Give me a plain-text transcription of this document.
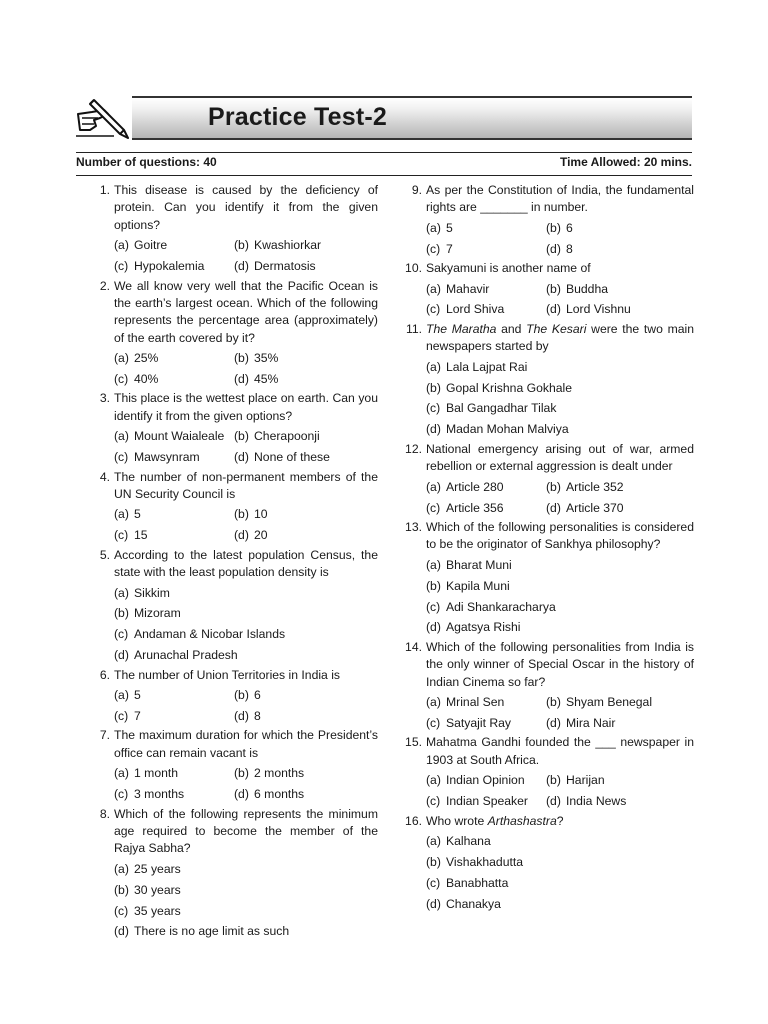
Practice Test-2
Number of questions: 40	Time Allowed: 20 mins.
1. This disease is caused by the deficiency of protein. Can you identify it from the given options?
(a) Goitre	(b) Kwashiorkar
(c) Hypokalemia	(d) Dermatosis
2. We all know very well that the Pacific Ocean is the earth’s largest ocean. Which of the following represents the percentage area (approximately) of the earth covered by it?
(a) 25%	(b) 35%
(c) 40%	(d) 45%
3. This place is the wettest place on earth. Can you identify it from the given options?
(a) Mount Waialeale (b) Cherapoonji
(c) Mawsynram	(d) None of these
4. The number of non-permanent members of the UN Security Council is
(a) 5	(b) 10
(c) 15	(d) 20
5. According to the latest population Census, the state with the least population density is
(a) Sikkim
(b) Mizoram
(c) Andaman & Nicobar Islands
(d) Arunachal Pradesh
6. The number of Union Territories in India is
(a) 5	(b) 6
(c) 7	(d) 8
7. The maximum duration for which the President’s office can remain vacant is
(a) 1 month	(b) 2 months
(c) 3 months	(d) 6 months
8. Which of the following represents the minimum age required to become the member of the Rajya Sabha?
(a) 25 years
(b) 30 years
(c) 35 years
(d) There is no age limit as such
9. As per the Constitution of India, the fundamental rights are _______ in number.
(a) 5	(b) 6
(c) 7	(d) 8
10. Sakyamuni is another name of
(a) Mahavir	(b) Buddha
(c) Lord Shiva	(d) Lord Vishnu
11. The Maratha and The Kesari were the two main newspapers started by
(a) Lala Lajpat Rai
(b) Gopal Krishna Gokhale
(c) Bal Gangadhar Tilak
(d) Madan Mohan Malviya
12. National emergency arising out of war, armed rebellion or external aggression is dealt under
(a) Article 280	(b) Article 352
(c) Article 356	(d) Article 370
13. Which of the following personalities is considered to be the originator of Sankhya philosophy?
(a) Bharat Muni
(b) Kapila Muni
(c) Adi Shankaracharya
(d) Agatsya Rishi
14. Which of the following personalities from India is the only winner of Special Oscar in the history of Indian Cinema so far?
(a) Mrinal Sen	(b) Shyam Benegal
(c) Satyajit Ray	(d) Mira Nair
15. Mahatma Gandhi founded the ___ newspaper in 1903 at South Africa.
(a) Indian Opinion	(b) Harijan
(c) Indian Speaker	(d) India News
16. Who wrote Arthashastra?
(a) Kalhana
(b) Vishakhadutta
(c) Banabhatta
(d) Chanakya
